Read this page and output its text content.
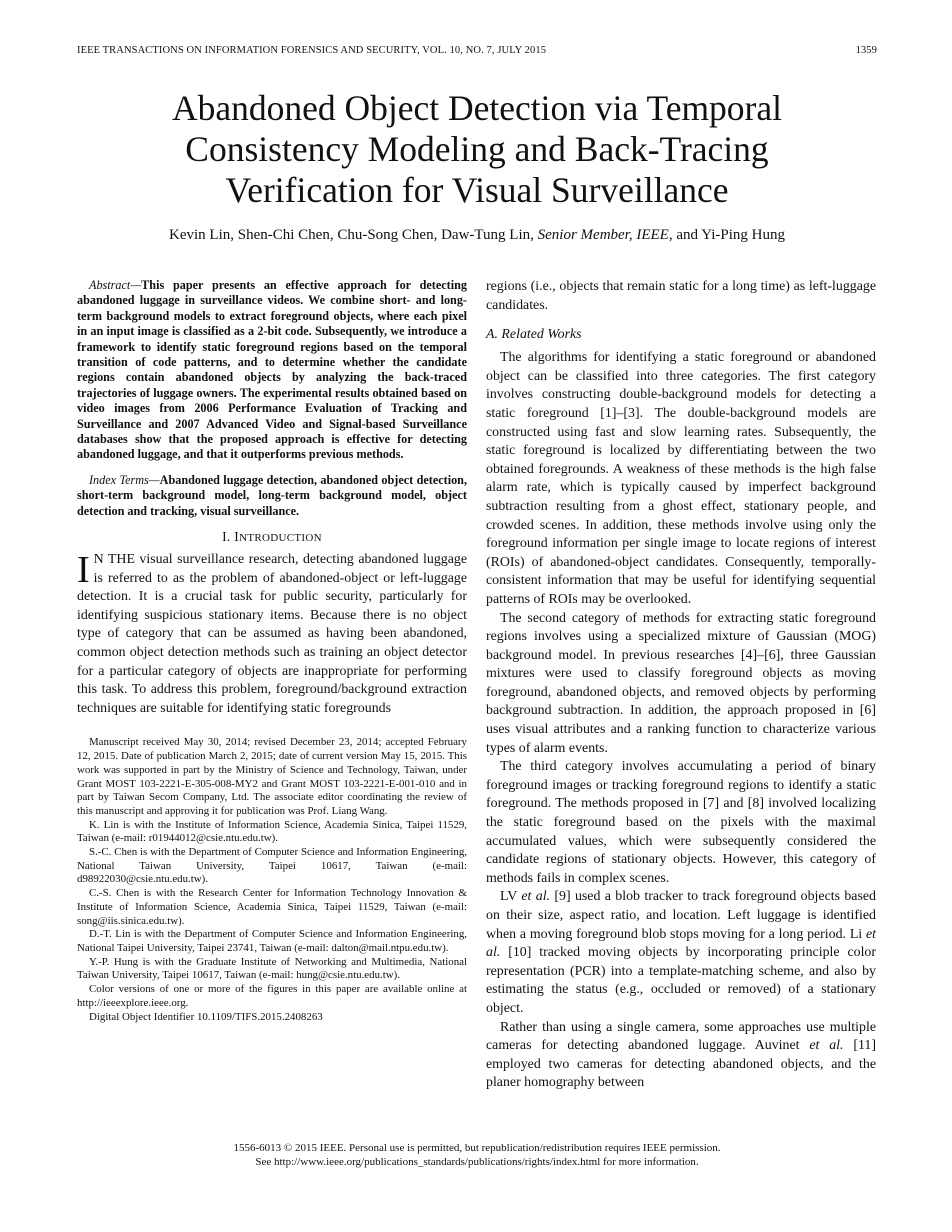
IEEE TRANSACTIONS ON INFORMATION FORENSICS AND SECURITY, VOL. 10, NO. 7, JULY 2015	1359
Abandoned Object Detection via Temporal
Consistency Modeling and Back-Tracing
Verification for Visual Surveillance
Kevin Lin, Shen-Chi Chen, Chu-Song Chen, Daw-Tung Lin, Senior Member, IEEE, and Yi-Ping Hung

Abstract—This paper presents an effective approach for detecting abandoned luggage in surveillance videos. We combine short- and long-term background models to extract foreground objects, where each pixel in an input image is classified as a 2-bit code. Subsequently, we introduce a framework to identify static foreground regions based on the temporal transition of code patterns, and to determine whether the candidate regions contain abandoned objects by analyzing the back-traced trajectories of luggage owners. The experimental results obtained based on video images from 2006 Performance Evaluation of Tracking and Surveillance and 2007 Advanced Video and Signal-based Surveillance databases show that the proposed approach is effective for detecting abandoned luggage, and that it outperforms previous methods.

Index Terms—Abandoned luggage detection, abandoned object detection, short-term background model, long-term background model, object detection and tracking, visual surveillance.

I. INTRODUCTION

I N THE visual surveillance research, detecting abandoned luggage is referred to as the problem of abandoned-object or left-luggage detection. It is a crucial task for public security, particularly for identifying suspicious stationary items. Because there is no object type of category that can be assumed as having been abandoned, common object detection methods such as training an object detector for a particular category of objects are inappropriate for performing this task. To address this problem, foreground/background extraction techniques are suitable for identifying static foregrounds

Manuscript received May 30, 2014; revised December 23, 2014; accepted February 12, 2015. Date of publication March 2, 2015; date of current version May 15, 2015. This work was supported in part by the Ministry of Science and Technology, Taiwan, under Grant MOST 103-2221-E-305-008-MY2 and Grant MOST 103-2221-E-001-010 and in part by Taiwan Secom Company, Ltd. The associate editor coordinating the review of this manuscript and approving it for publication was Prof. Liang Wang.

K. Lin is with the Institute of Information Science, Academia Sinica, Taipei 11529, Taiwan (e-mail: r01944012@csie.ntu.edu.tw).

S.-C. Chen is with the Department of Computer Science and Information Engineering, National Taiwan University, Taipei 10617, Taiwan (e-mail: d98922030@csie.ntu.edu.tw).

C.-S. Chen is with the Research Center for Information Technology Innovation & Institute of Information Science, Academia Sinica, Taipei 11529, Taiwan (e-mail: song@iis.sinica.edu.tw).

D.-T. Lin is with the Department of Computer Science and Information Engineering, National Taipei University, Taipei 23741, Taiwan (e-mail: dalton@mail.ntpu.edu.tw).

Y.-P. Hung is with the Graduate Institute of Networking and Multimedia, National Taiwan University, Taipei 10617, Taiwan (e-mail: hung@csie.ntu.edu.tw).

Color versions of one or more of the figures in this paper are available online at http://ieeexplore.ieee.org.

Digital Object Identifier 10.1109/TIFS.2015.2408263

regions (i.e., objects that remain static for a long time) as left-luggage candidates.

A. Related Works

The algorithms for identifying a static foreground or abandoned object can be classified into three categories. The first category involves constructing double-background models for detecting a static foreground [1]–[3]. The double-background models are constructed using fast and slow learning rates. Subsequently, the static foreground is localized by differentiating between the two obtained foregrounds. A weakness of these methods is the high false alarm rate, which is typically caused by imperfect background subtraction resulting from a ghost effect, stationary people, and crowded scenes. In addition, these methods involve using only the foreground information per single image to locate regions of interest (ROIs) of abandoned-object candidates. Consequently, temporally-consistent information that may be useful for identifying sequential patterns of ROIs may be overlooked.

The second category of methods for extracting static foreground regions involves using a specialized mixture of Gaussian (MOG) background model. In previous researches [4]–[6], three Gaussian mixtures were used to classify foreground objects as moving foreground, abandoned objects, and removed objects by performing background subtraction. In addition, the approach proposed in [6] uses visual attributes and a ranking function to characterize various types of alarm events.

The third category involves accumulating a period of binary foreground images or tracking foreground regions to identify a static foreground. The methods proposed in [7] and [8] involved localizing the static foreground based on the pixels with the maximal accumulated values, which were subsequently considered the candidate regions of stationary objects. However, this category of methods fails in complex scenes.

LV et al. [9] used a blob tracker to track foreground objects based on their size, aspect ratio, and location. Left luggage is identified when a moving foreground blob stops moving for a long period. Li et al. [10] tracked moving objects by incorporating principle color representation (PCR) into a template-matching scheme, and also by estimating the status (e.g., occluded or removed) of a stationary object.

Rather than using a single camera, some approaches use multiple cameras for detecting abandoned luggage. Auvinet et al. [11] employed two cameras for detecting abandoned objects, and the planer homography between

1556-6013 © 2015 IEEE. Personal use is permitted, but republication/redistribution requires IEEE permission.
See http://www.ieee.org/publications_standards/publications/rights/index.html for more information.
